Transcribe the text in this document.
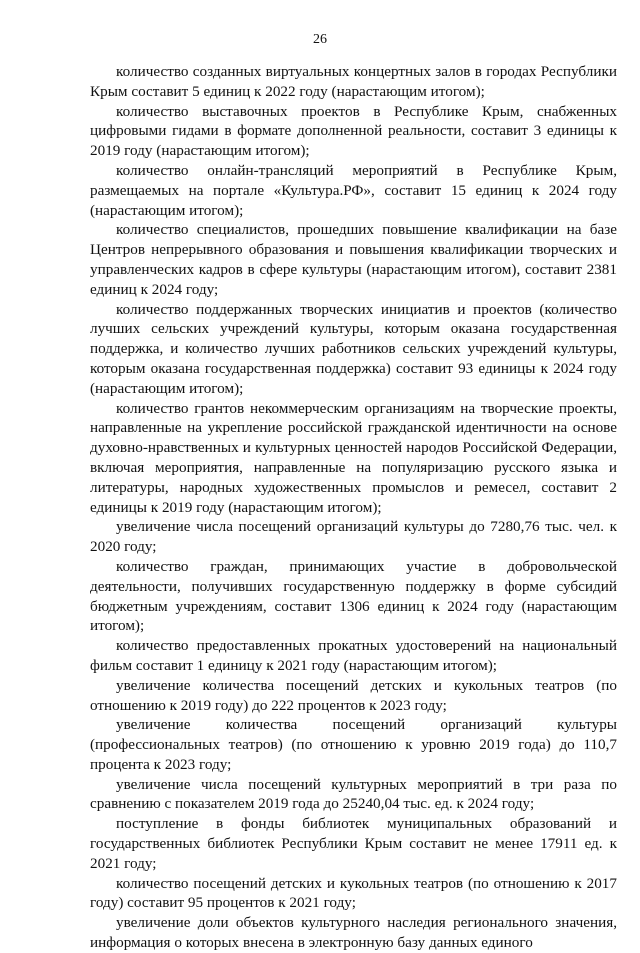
26

количество созданных виртуальных концертных залов в городах Республики Крым составит 5 единиц к 2022 году (нарастающим итогом);

количество выставочных проектов в Республике Крым, снабженных цифровыми гидами в формате дополненной реальности, составит 3 единицы к 2019 году (нарастающим итогом);

количество онлайн-трансляций мероприятий в Республике Крым, размещаемых на портале «Культура.РФ», составит 15 единиц к 2024 году (нарастающим итогом);

количество специалистов, прошедших повышение квалификации на базе Центров непрерывного образования и повышения квалификации творческих и управленческих кадров в сфере культуры (нарастающим итогом), составит 2381 единиц к 2024 году;

количество поддержанных творческих инициатив и проектов (количество лучших сельских учреждений культуры, которым оказана государственная поддержка, и количество лучших работников сельских учреждений культуры, которым оказана государственная поддержка) составит 93 единицы к 2024 году (нарастающим итогом);

количество грантов некоммерческим организациям на творческие проекты, направленные на укрепление российской гражданской идентичности на основе духовно-нравственных и культурных ценностей народов Российской Федерации, включая мероприятия, направленные на популяризацию русского языка и литературы, народных художественных промыслов и ремесел, составит 2 единицы к 2019 году (нарастающим итогом);

увеличение числа посещений организаций культуры до 7280,76 тыс. чел. к 2020 году;

количество граждан, принимающих участие в добровольческой деятельности, получивших государственную поддержку в форме субсидий бюджетным учреждениям, составит 1306 единиц к 2024 году (нарастающим итогом);

количество предоставленных прокатных удостоверений на национальный фильм составит 1 единицу к 2021 году (нарастающим итогом);

увеличение количества посещений детских и кукольных театров (по отношению к 2019 году) до 222 процентов к 2023 году;

увеличение количества посещений организаций культуры (профессиональных театров) (по отношению к уровню 2019 года) до 110,7 процента к 2023 году;

увеличение числа посещений культурных мероприятий в три раза по сравнению с показателем 2019 года до 25240,04 тыс. ед. к 2024 году;

поступление в фонды библиотек муниципальных образований и государственных библиотек Республики Крым составит не менее 17911 ед. к 2021 году;

количество посещений детских и кукольных театров (по отношению к 2017 году) составит 95 процентов к 2021 году;

увеличение доли объектов культурного наследия регионального значения, информация о которых внесена в электронную базу данных единого
